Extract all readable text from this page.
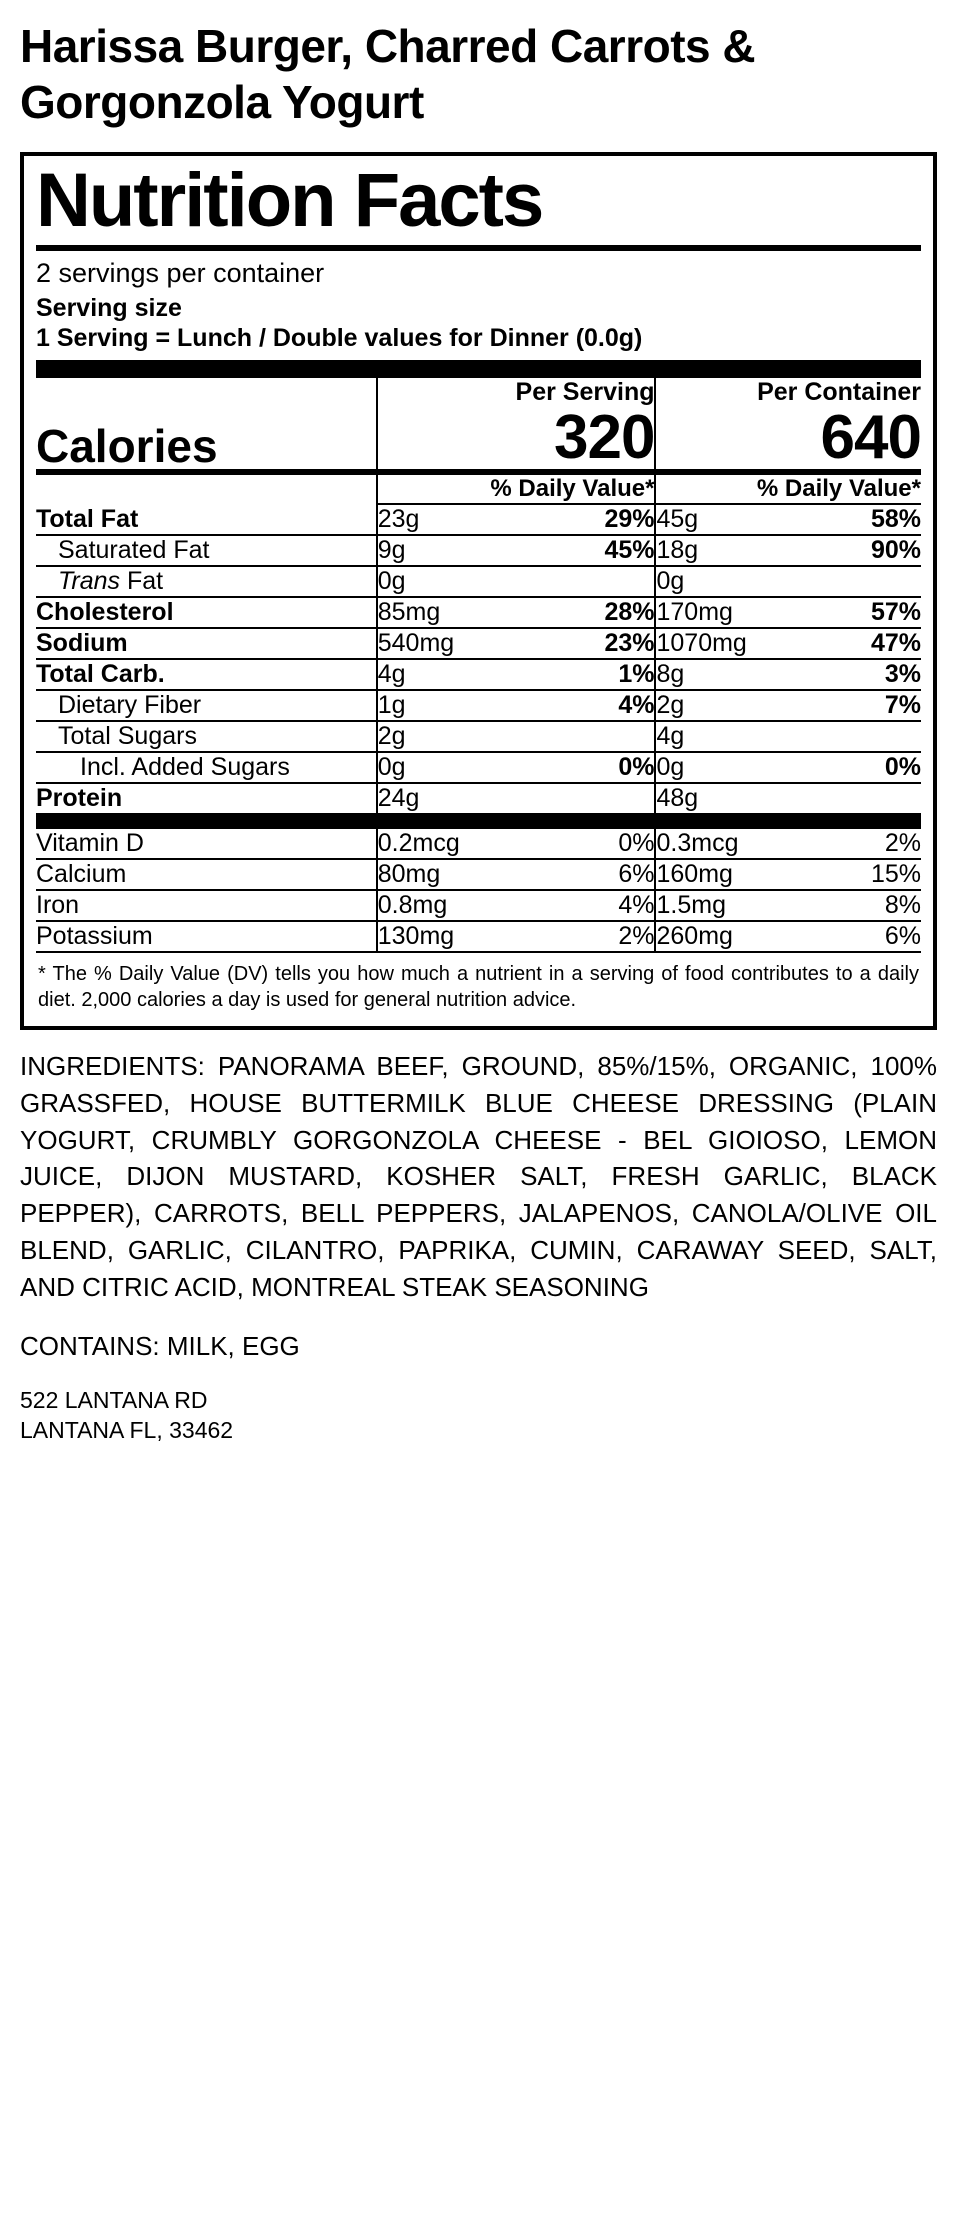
Harissa Burger, Charred Carrots & Gorgonzola Yogurt
Nutrition Facts
2 servings per container
Serving size
1 Serving = Lunch / Double values for Dinner (0.0g)
	Per Serving		Per Container	
Calories	320		640	
	% Daily Value*		% Daily Value*	
Total Fat	23g	29%	45g	58%
Saturated Fat	9g	45%	18g	90%
Trans Fat	0g		0g	
Cholesterol	85mg	28%	170mg	57%
Sodium	540mg	23%	1070mg	47%
Total Carb.	4g	1%	8g	3%
Dietary Fiber	1g	4%	2g	7%
Total Sugars	2g		4g	
Incl. Added Sugars	0g	0%	0g	0%
Protein	24g		48g	
Vitamin D	0.2mcg	0%	0.3mcg	2%
Calcium	80mg	6%	160mg	15%
Iron	0.8mg	4%	1.5mg	8%
Potassium	130mg	2%	260mg	6%
* The % Daily Value (DV) tells you how much a nutrient in a serving of food contributes to a daily diet. 2,000 calories a day is used for general nutrition advice.
INGREDIENTS: PANORAMA BEEF, GROUND, 85%/15%, ORGANIC, 100% GRASSFED, HOUSE BUTTERMILK BLUE CHEESE DRESSING (PLAIN YOGURT, CRUMBLY GORGONZOLA CHEESE - BEL GIOIOSO, LEMON JUICE, DIJON MUSTARD, KOSHER SALT, FRESH GARLIC, BLACK PEPPER), CARROTS, BELL PEPPERS, JALAPENOS, CANOLA/OLIVE OIL BLEND, GARLIC, CILANTRO, PAPRIKA, CUMIN, CARAWAY SEED, SALT, AND CITRIC ACID, MONTREAL STEAK SEASONING
CONTAINS: MILK, EGG
522 LANTANA RD
LANTANA FL, 33462
